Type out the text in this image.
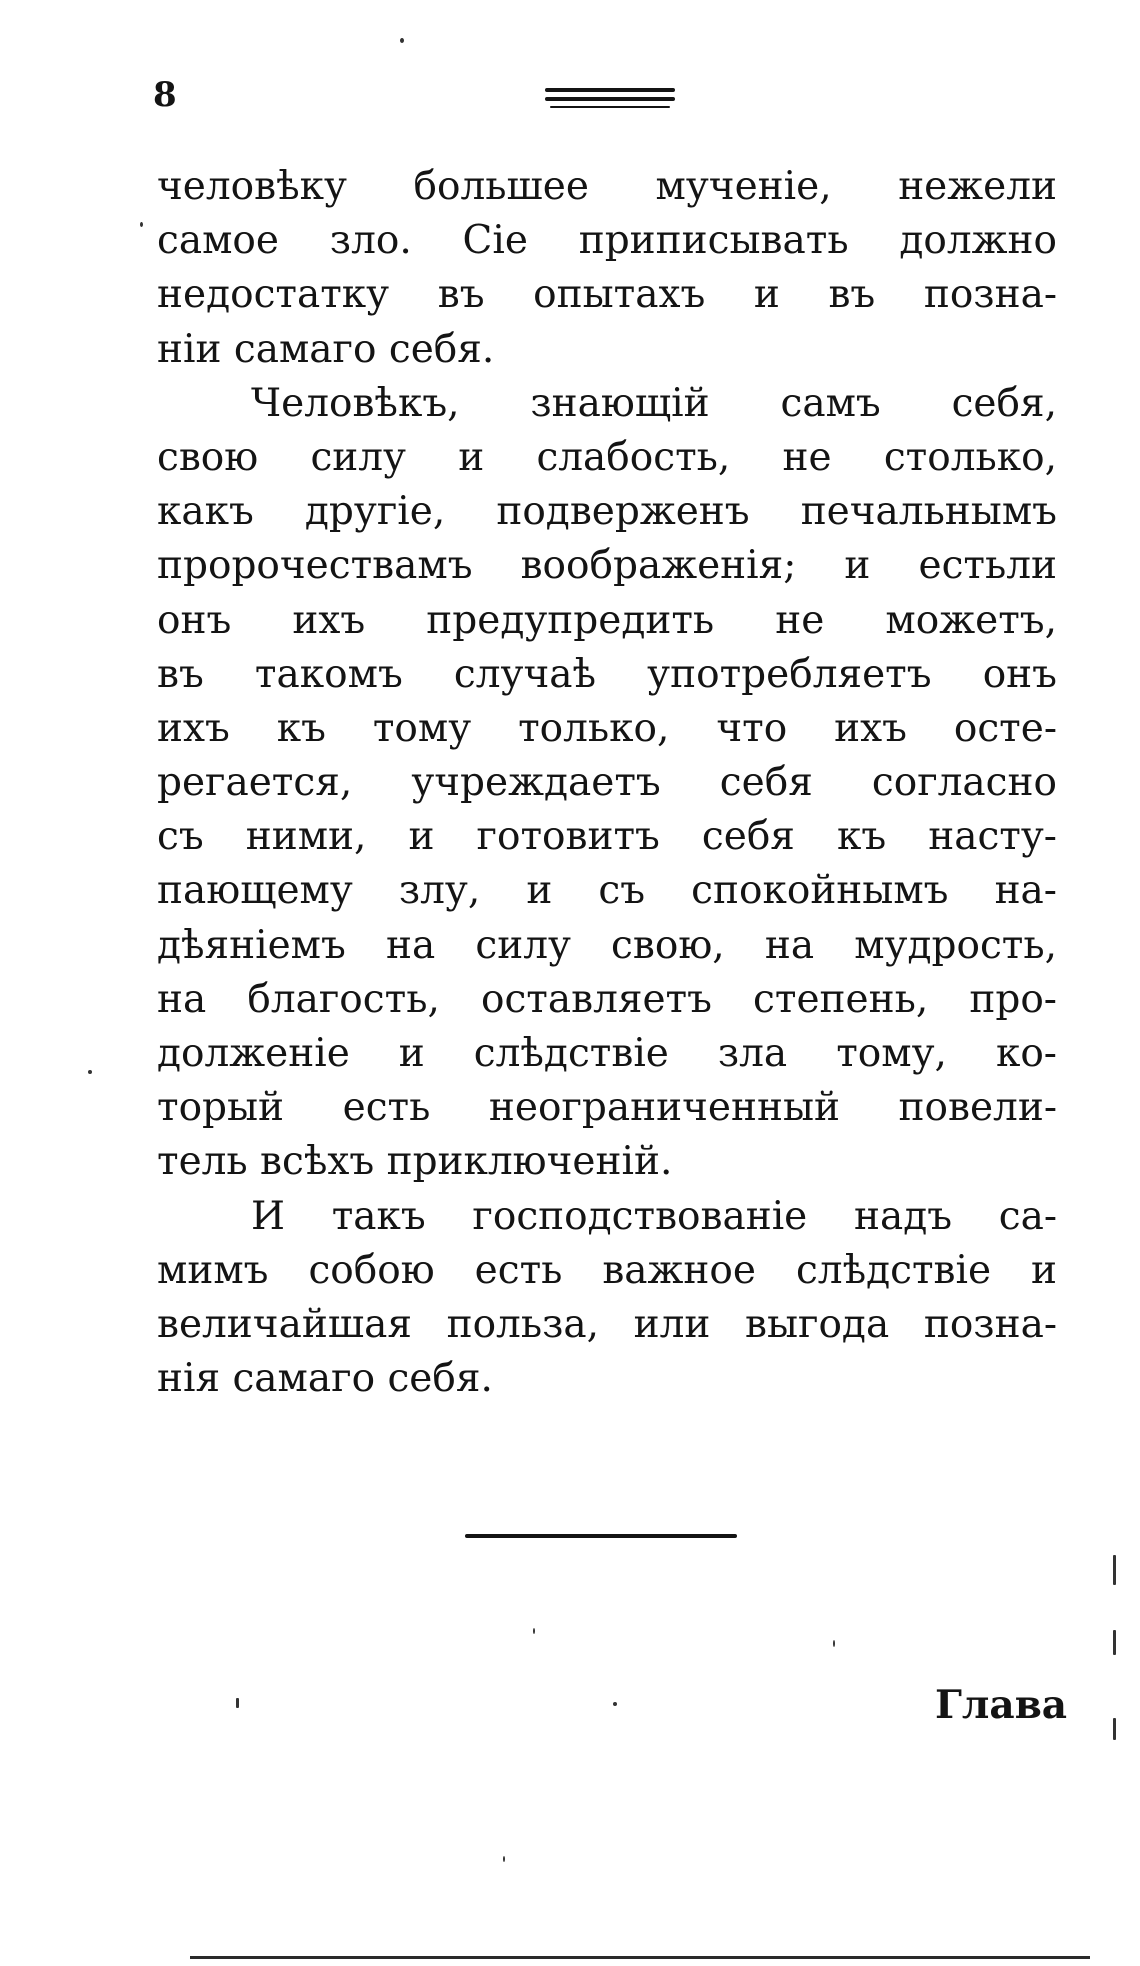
8
человѣку большее мученіе, нежели
самое зло. Сіе приписывать должно
недостатку въ опытахъ и въ позна-
ніи самаго себя.
Человѣкъ, знающій самъ себя,
свою силу и слабость, не столько,
какъ другіе, подверженъ печальнымъ
пророчествамъ воображенія; и естьли
онъ ихъ предупредить не можетъ,
въ такомъ случаѣ употребляетъ онъ
ихъ къ тому только, что ихъ осте-
регается, учреждаетъ себя согласно
съ ними, и готовитъ себя къ насту-
пающему злу, и съ спокойнымъ на-
дѣяніемъ на силу свою, на мудрость,
на благость, оставляетъ степень, про-
долженіе и слѣдствіе зла тому, ко-
торый есть неограниченный повели-
тель всѣхъ приключеній.
И такъ господствованіе надъ са-
мимъ собою есть важное слѣдствіе и
величайшая польза, или выгода позна-
нія самаго себя.
Глава
